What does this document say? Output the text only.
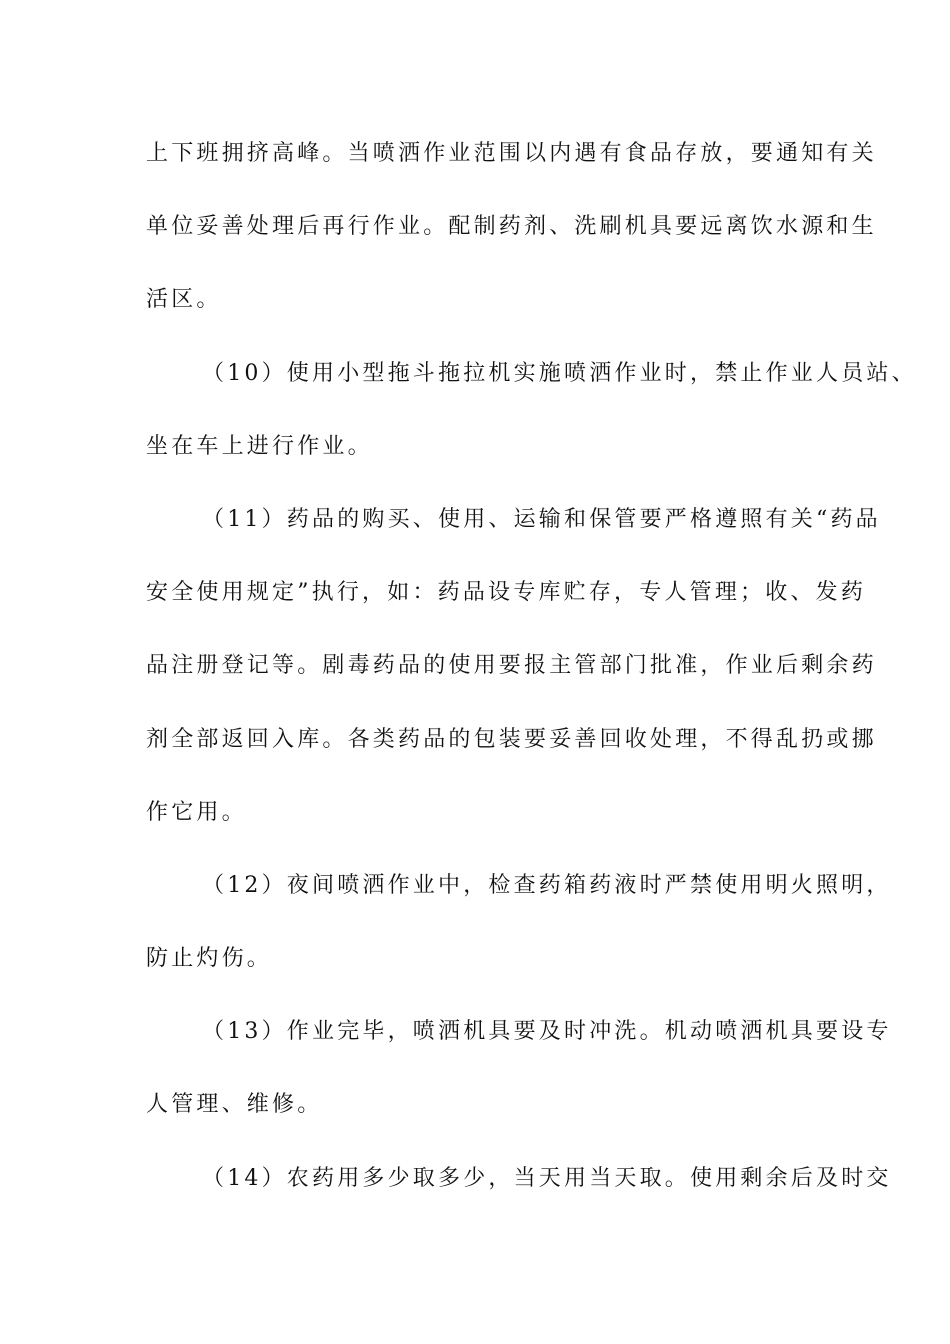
上下班拥挤高峰。当喷洒作业范围以内遇有食品存放，要通知有关
单位妥善处理后再行作业。配制药剂、洗刷机具要远离饮水源和生
活区。
（10）使用小型拖斗拖拉机实施喷洒作业时，禁止作业人员站、
坐在车上进行作业。
（11）药品的购买、使用、运输和保管要严格遵照有关“药品
安全使用规定”执行，如：药品设专库贮存，专人管理；收、发药
品注册登记等。剧毒药品的使用要报主管部门批准，作业后剩余药
剂全部返回入库。各类药品的包装要妥善回收处理，不得乱扔或挪
作它用。
（12）夜间喷洒作业中，检查药箱药液时严禁使用明火照明，
防止灼伤。
（13）作业完毕，喷洒机具要及时冲洗。机动喷洒机具要设专
人管理、维修。
（14）农药用多少取多少，当天用当天取。使用剩余后及时交
